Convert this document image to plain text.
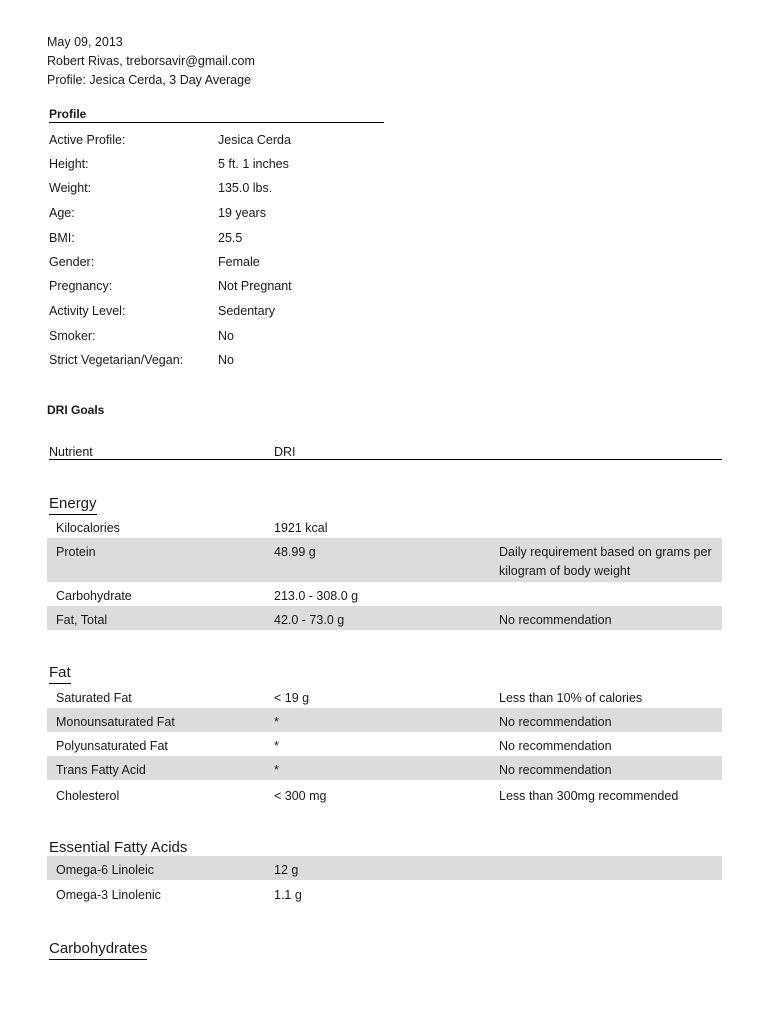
May 09, 2013
Robert Rivas, treborsavir@gmail.com
Profile: Jesica Cerda, 3 Day Average
Profile
Active Profile:	Jesica Cerda
Height:	5 ft. 1 inches
Weight:	135.0 lbs.
Age:	19 years
BMI:	25.5
Gender:	Female
Pregnancy:	Not Pregnant
Activity Level:	Sedentary
Smoker:	No
Strict Vegetarian/Vegan:	No
DRI Goals
Nutrient	DRI
Energy
Kilocalories	1921 kcal
Protein	48.99 g	Daily requirement based on grams per kilogram of body weight
Carbohydrate	213.0 - 308.0 g
Fat, Total	42.0 - 73.0 g	No recommendation
Fat
Saturated Fat	< 19 g	Less than 10% of calories
Monounsaturated Fat	*	No recommendation
Polyunsaturated Fat	*	No recommendation
Trans Fatty Acid	*	No recommendation
Cholesterol	< 300 mg	Less than 300mg recommended
Essential Fatty Acids
Omega-6 Linoleic	12 g
Omega-3 Linolenic	1.1 g
Carbohydrates
